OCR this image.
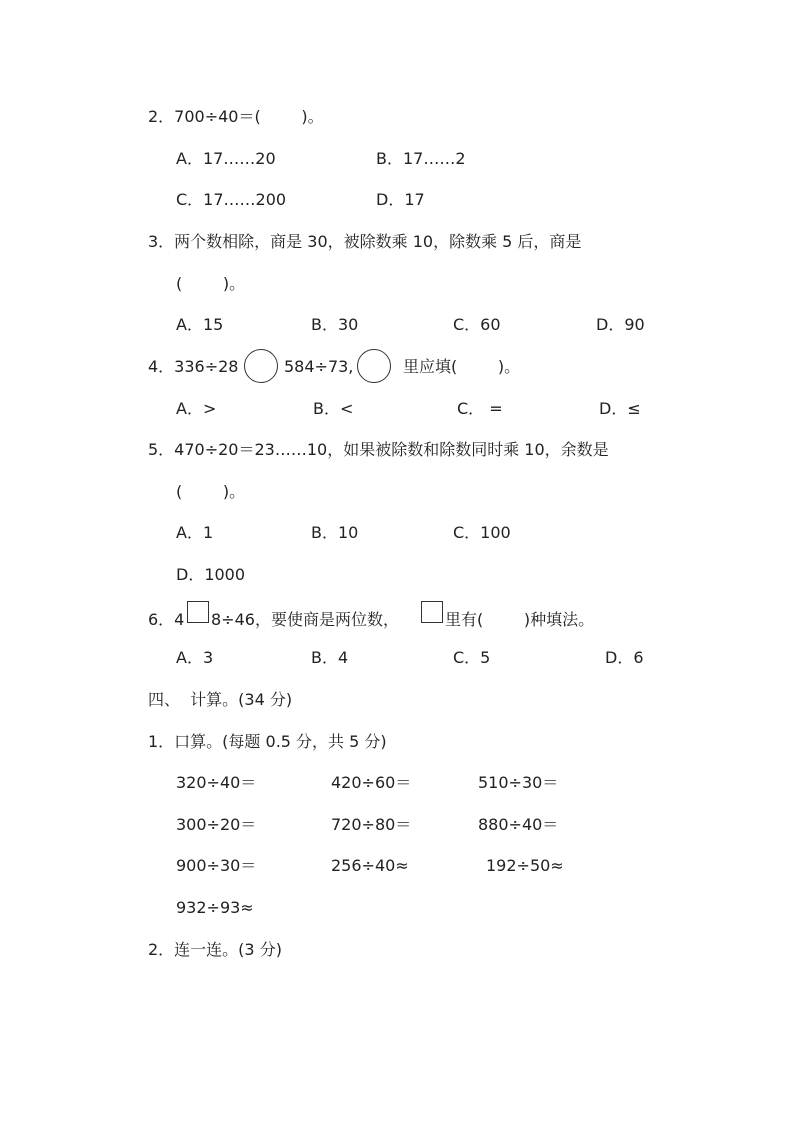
2．700÷40＝(        )。
A．17……20	B．17……2
C．17……200	D．17
3．两个数相除，商是 30，被除数乘 10，除数乘 5 后，商是
(        )。
A．15	B．30	C．60	D．90
4．336÷28	584÷73,	里应填(        )。
A．>	B．<	C． =	D．≤
5．470÷20＝23……10，如果被除数和除数同时乘 10，余数是
(        )。
A．1	B．10	C．100
D．1000
6．4 8÷46，要使商是两位数，	里有(        )种填法。
A．3	B．4	C．5	D．6
四、  计算。(34 分)
1．口算。(每题 0.5 分，共 5 分)
320÷40＝	420÷60＝	510÷30＝
300÷20＝	720÷80＝	880÷40＝
900÷30＝	256÷40≈	192÷50≈
932÷93≈
2．连一连。(3 分)
